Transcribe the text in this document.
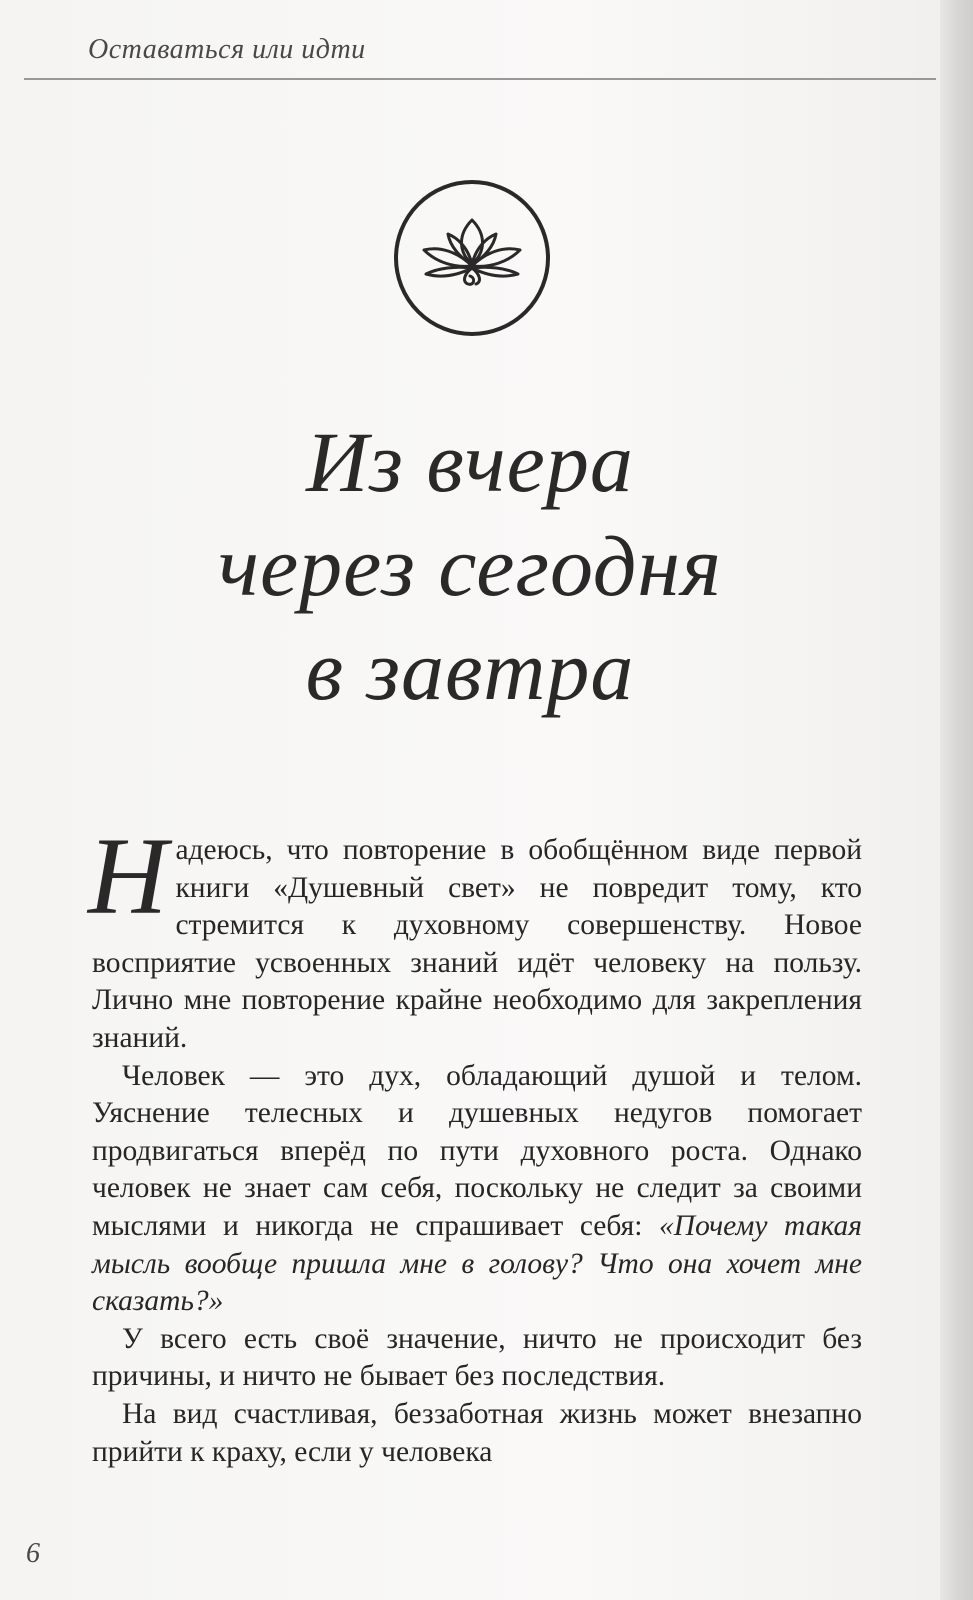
Оставаться или идти
Из вчера
через сегодня
в завтра

Надеюсь, что повторение в обобщённом виде первой книги «Душевный свет» не повредит тому, кто стремится к духовному совершенству. Новое восприятие усвоенных знаний идёт человеку на пользу. Лично мне повторение крайне необходимо для закрепления знаний.

Человек — это дух, обладающий душой и телом. Уяснение телесных и душевных недугов помогает продвигаться вперёд по пути духовного роста. Однако человек не знает сам себя, поскольку не следит за своими мыслями и никогда не спрашивает себя: «Почему такая мысль вообще пришла мне в голову? Что она хочет мне сказать?»

У всего есть своё значение, ничто не происходит без причины, и ничто не бывает без последствия.

На вид счастливая, беззаботная жизнь может внезапно прийти к краху, если у человека

6
